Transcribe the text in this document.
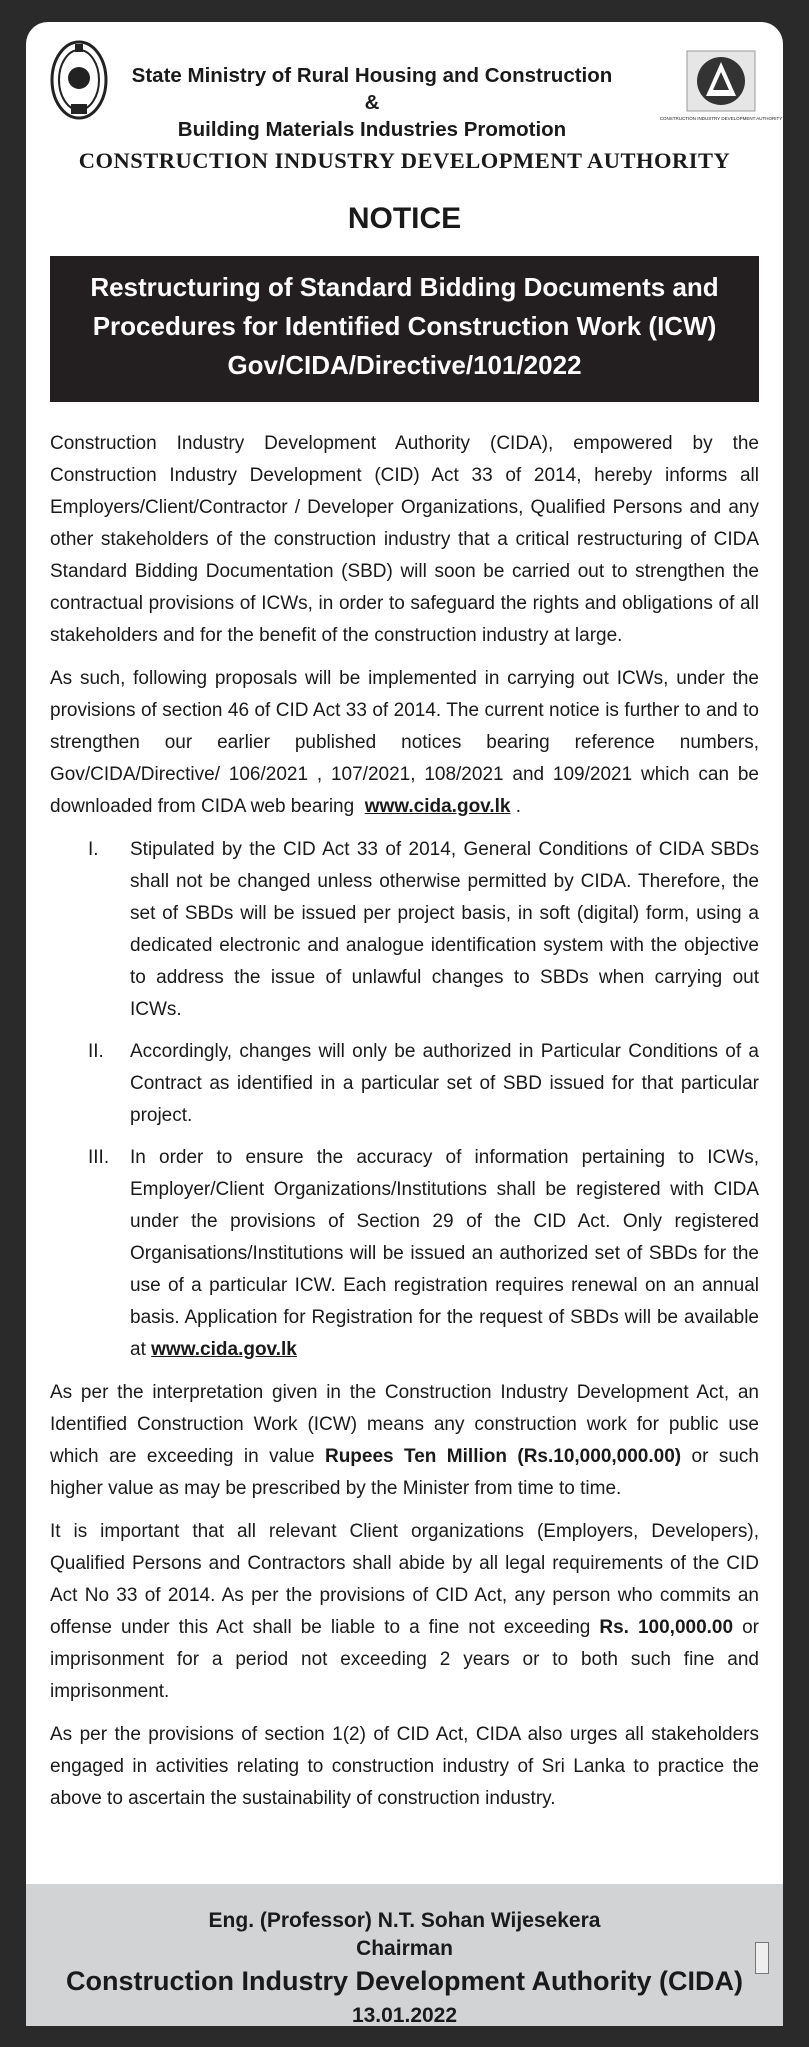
State Ministry of Rural Housing and Construction &
Building Materials Industries Promotion	CONSTRUCTION INDUSTRY DEVELOPMENT AUTHORITY
CONSTRUCTION INDUSTRY DEVELOPMENT AUTHORITY
NOTICE
Restructuring of Standard Bidding Documents and
Procedures for Identified Construction Work (ICW)
Gov/CIDA/Directive/101/2022

Construction Industry Development Authority (CIDA), empowered by the Construction Industry Development (CID) Act 33 of 2014, hereby informs all Employers/Client/Contractor / Developer Organizations, Qualified Persons and any other stakeholders of the construction industry that a critical restructuring of CIDA Standard Bidding Documentation (SBD) will soon be carried out to strengthen the contractual provisions of ICWs, in order to safeguard the rights and obligations of all stakeholders and for the benefit of the construction industry at large.

As such, following proposals will be implemented in carrying out ICWs, under the provisions of section 46 of CID Act 33 of 2014. The current notice is further to and to strengthen our earlier published notices bearing reference numbers, Gov/CIDA/Directive/ 106/2021 , 107/2021, 108/2021 and 109/2021 which can be downloaded from CIDA web bearing www.cida.gov.lk .

I. Stipulated by the CID Act 33 of 2014, General Conditions of CIDA SBDs shall not be changed unless otherwise permitted by CIDA. Therefore, the set of SBDs will be issued per project basis, in soft (digital) form, using a dedicated electronic and analogue identification system with the objective to address the issue of unlawful changes to SBDs when carrying out ICWs.
II. Accordingly, changes will only be authorized in Particular Conditions of a Contract as identified in a particular set of SBD issued for that particular project.
III. In order to ensure the accuracy of information pertaining to ICWs, Employer/Client Organizations/Institutions shall be registered with CIDA under the provisions of Section 29 of the CID Act. Only registered Organisations/Institutions will be issued an authorized set of SBDs for the use of a particular ICW. Each registration requires renewal on an annual basis. Application for Registration for the request of SBDs will be available at www.cida.gov.lk

As per the interpretation given in the Construction Industry Development Act, an Identified Construction Work (ICW) means any construction work for public use which are exceeding in value Rupees Ten Million (Rs.10,000,000.00) or such higher value as may be prescribed by the Minister from time to time.

It is important that all relevant Client organizations (Employers, Developers), Qualified Persons and Contractors shall abide by all legal requirements of the CID Act No 33 of 2014. As per the provisions of CID Act, any person who commits an offense under this Act shall be liable to a fine not exceeding Rs. 100,000.00 or imprisonment for a period not exceeding 2 years or to both such fine and imprisonment.

As per the provisions of section 1(2) of CID Act, CIDA also urges all stakeholders engaged in activities relating to construction industry of Sri Lanka to practice the above to ascertain the sustainability of construction industry.

Eng. (Professor) N.T. Sohan Wijesekera
Chairman
Construction Industry Development Authority (CIDA)
13.01.2022
